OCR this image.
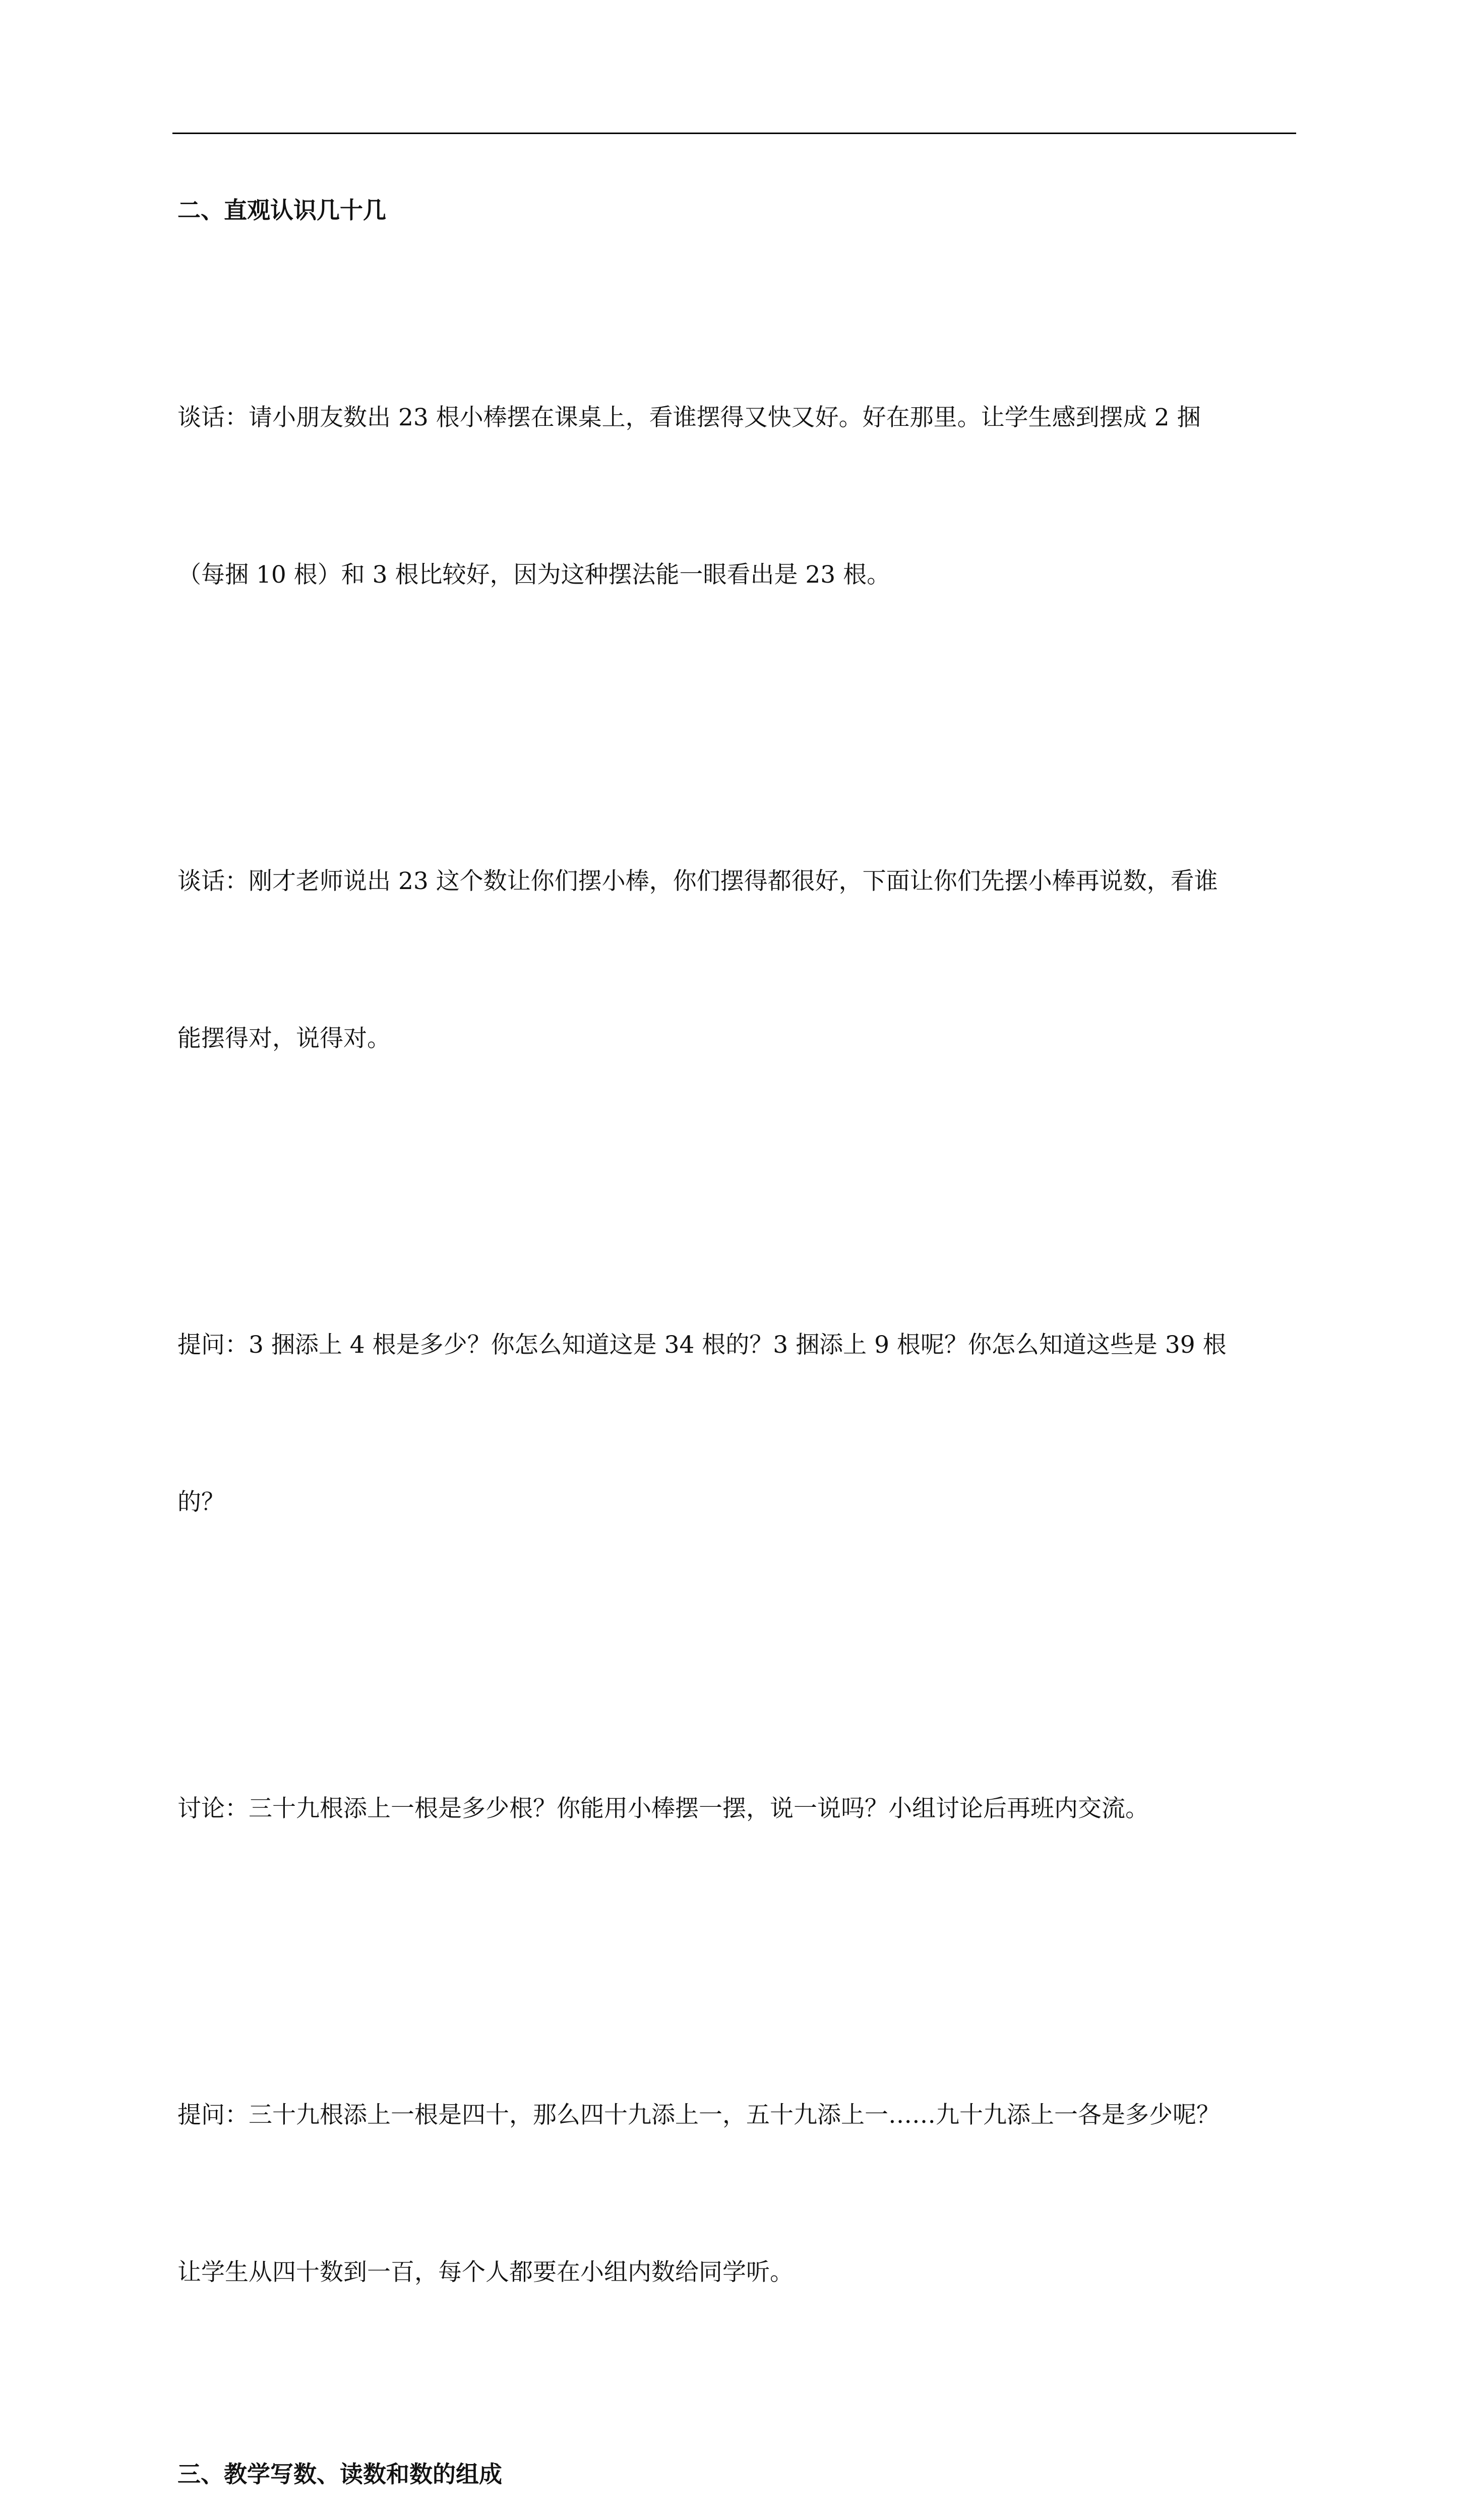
二、直观认识几十几

谈话：请小朋友数出 23 根小棒摆在课桌上，看谁摆得又快又好。好在那里。让学生感到摆成 2 捆

（每捆 10 根）和 3 根比较好，因为这种摆法能一眼看出是 23 根。

谈话：刚才老师说出 23 这个数让你们摆小棒，你们摆得都很好，下面让你们先摆小棒再说数，看谁

能摆得对，说得对。

提问：3 捆添上 4 根是多少？你怎么知道这是 34 根的？3 捆添上 9 根呢？你怎么知道这些是 39 根

的？

讨论：三十九根添上一根是多少根？你能用小棒摆一摆，说一说吗？小组讨论后再班内交流。

提问：三十九根添上一根是四十，那么四十九添上一，五十九添上一……九十九添上一各是多少呢？

让学生从四十数到一百，每个人都要在小组内数给同学听。

三、教学写数、读数和数的组成
